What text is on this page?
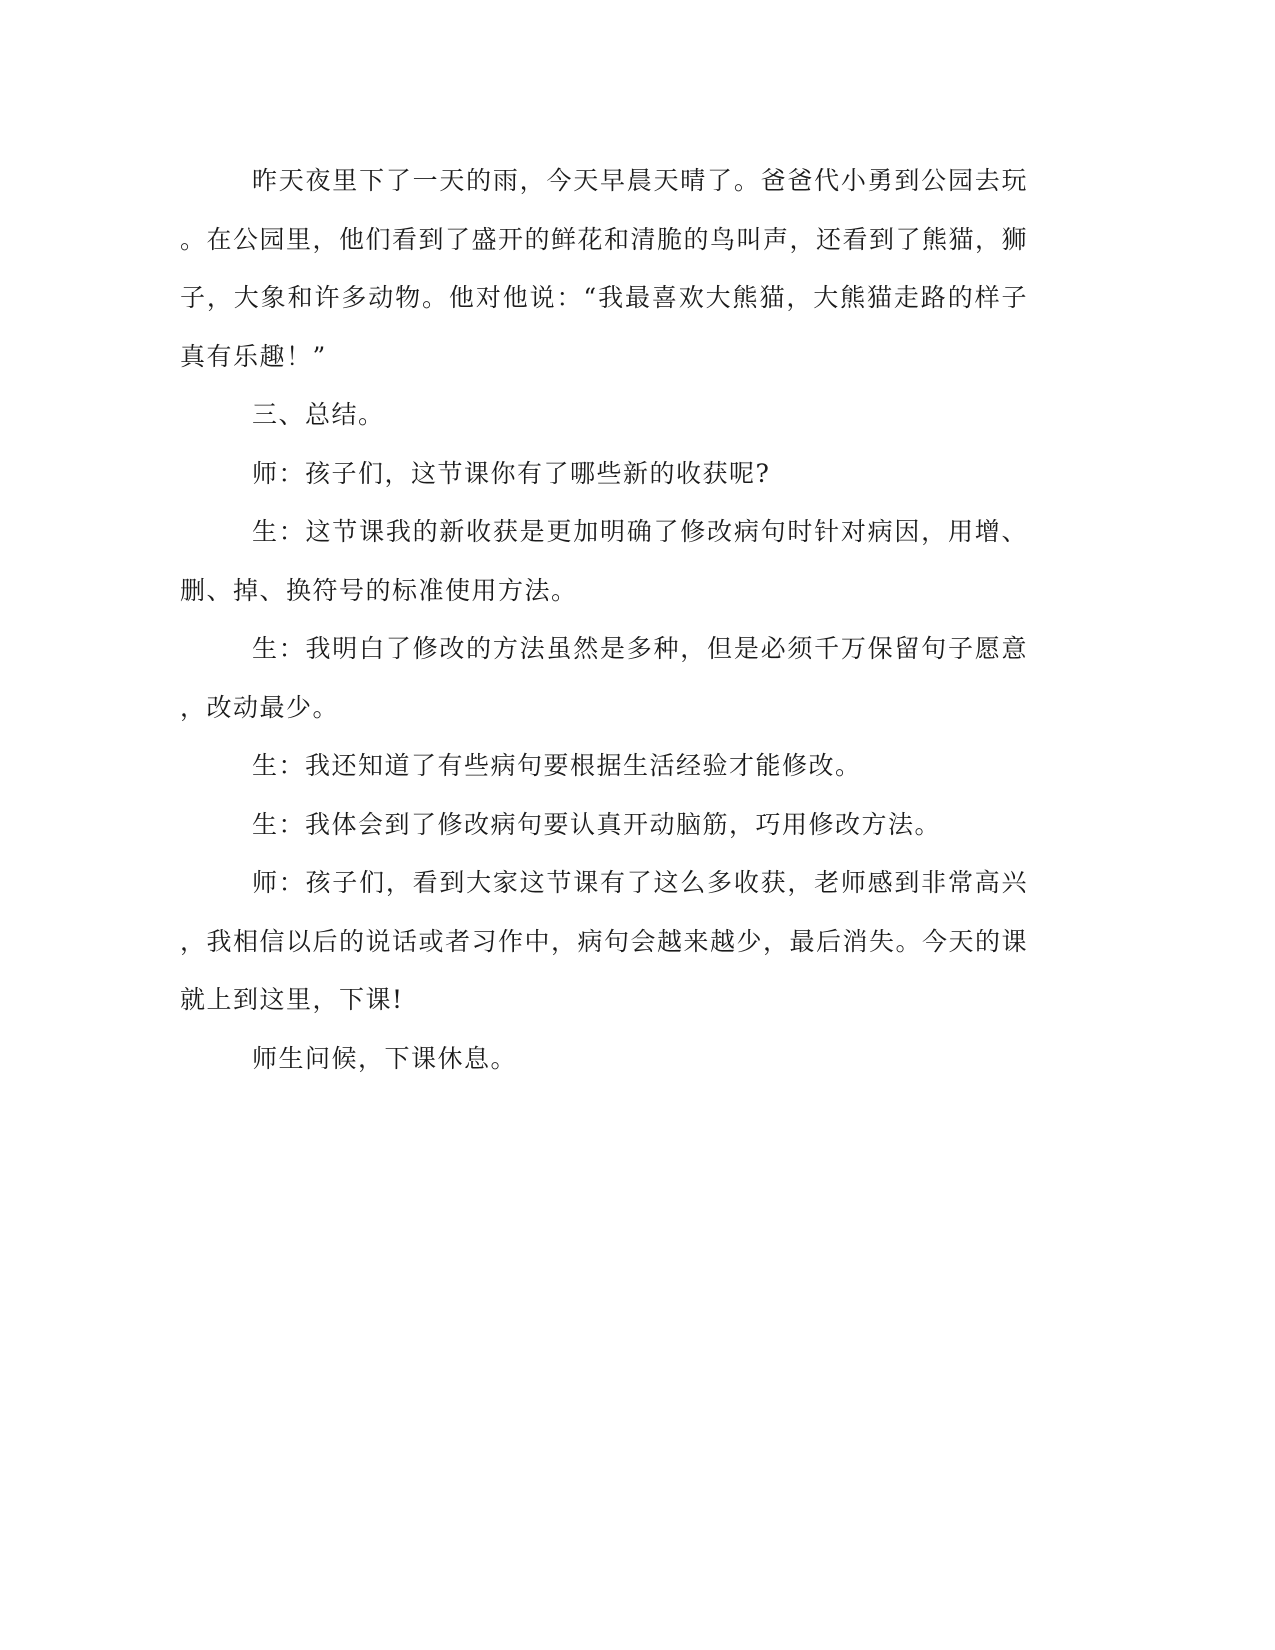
昨天夜里下了一天的雨，今天早晨天晴了。爸爸代小勇到公园去玩。在公园里，他们看到了盛开的鲜花和清脆的鸟叫声，还看到了熊猫，狮子，大象和许多动物。他对他说：“我最喜欢大熊猫，大熊猫走路的样子真有乐趣！”

三、总结。

师：孩子们，这节课你有了哪些新的收获呢?

生：这节课我的新收获是更加明确了修改病句时针对病因，用增、删、掉、换符号的标准使用方法。

生：我明白了修改的方法虽然是多种，但是必须千万保留句子愿意，改动最少。

生：我还知道了有些病句要根据生活经验才能修改。

生：我体会到了修改病句要认真开动脑筋，巧用修改方法。

师：孩子们，看到大家这节课有了这么多收获，老师感到非常高兴，我相信以后的说话或者习作中，病句会越来越少，最后消失。今天的课就上到这里，下课!

师生问候，下课休息。
